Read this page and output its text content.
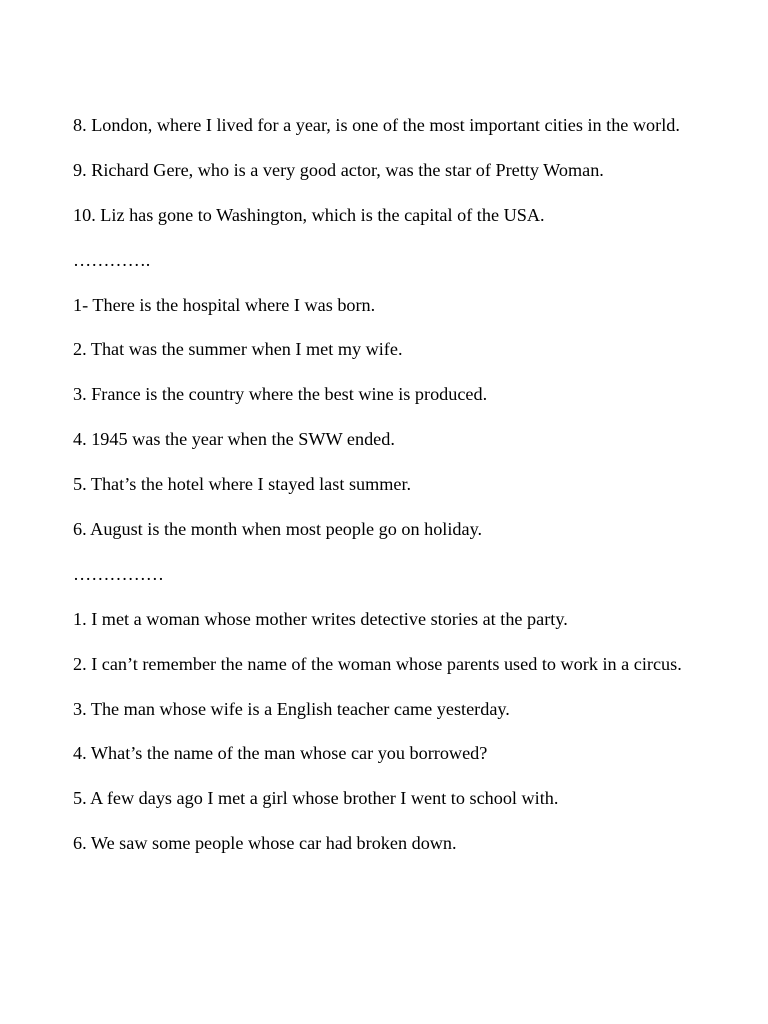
8. London, where I lived for a year, is one of the most important cities in the world.

9. Richard Gere, who is a very good actor, was the star of Pretty Woman.

10. Liz has gone to Washington, which is the capital of the USA.

………….

1- There is the hospital where I was born.

2. That was the summer when I met my wife.

3. France is the country where the best wine is produced.

4. 1945 was the year when the SWW ended.

5. That’s the hotel where I stayed last summer.

6. August is the month when most people go on holiday.

……………

1. I met a woman whose mother writes detective stories at the party.

2. I can’t remember the name of the woman whose parents used to work in a circus.

3. The man whose wife is a English teacher came yesterday.

4. What’s the name of the man whose car you borrowed?

5. A few days ago I met a girl whose brother I went to school with.

6. We saw some people whose car had broken down.
